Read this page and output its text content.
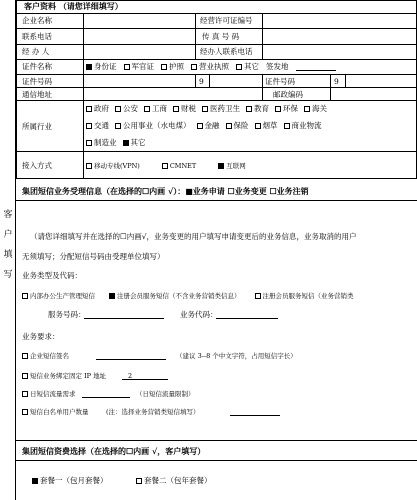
客
户
填
写
客户资料 （请您详细填写）
企业名称	经营许可证编号
联系电话	传 真 号 码
经 办 人	经办人联系电话
证件名称	身份证	军官证	护照	营业执照	其它 签发地
证件号码	9	证件号码	9
通信地址	邮政编码
所属行业
政府	公安	工商	财税	医药卫生	教育	环保	海关
交通	公用事业（水电煤）	金融	保险	烟草	商业物流
制造业	其它
接入方式	移动专线(VPN)	CMNET	互联网
集团短信业务受理信息（在选择的☐内画 √）：■业务申请 ☐业务变更 ☐业务注销
（请您详细填写并在选择的☐内画√，业务变更的用户填写申请变更后的业务信息，业务取消的用户
无须填写；分配短信号码由受理单位填写）
业务类型及代码：
内部办公生产管理短信	注册会员服务短信（不含业务营销类信息）	注册会员服务短信（业务营销类
服务号码：	业务代码：
业务要求：
企业短信签名	（建议 3--8 个中文字符，占用短信字长）
短信业务绑定固定 IP 地址	2
日短信流量需求	（日短信流量限制）
短信白名单用户数量	(注：选择业务营销类短信填写）
集团短信资费选择（在选择的☐内画 √，客户填写）
套餐一（包月套餐）	套餐二（包年套餐）
